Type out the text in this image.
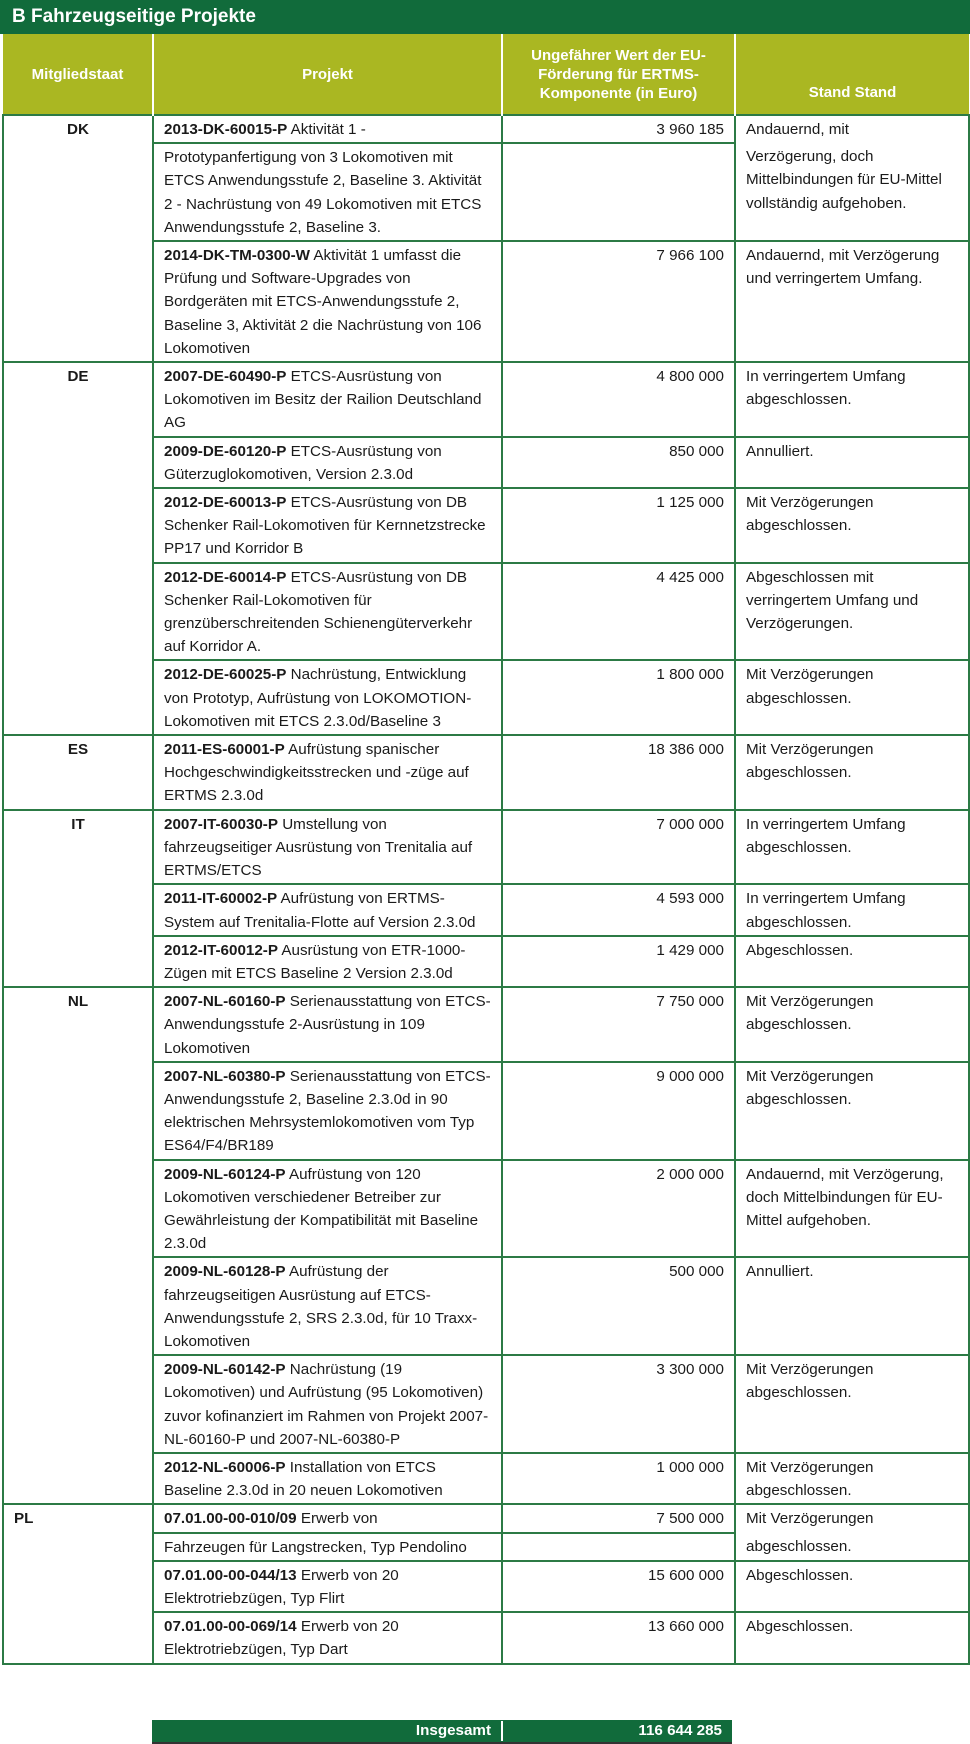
B Fahrzeugseitige Projekte
Mitgliedstaat	Projekt	Ungefährer Wert der EU-Förderung für ERTMS-Komponente (in Euro)	Stand Stand
DK	2013-DK-60015-P Aktivität 1 -	3 960 185	Andauernd, mit
	Prototypanfertigung von 3 Lokomotiven mit ETCS Anwendungsstufe 2, Baseline 3. Aktivität 2 - Nachrüstung von 49 Lokomotiven mit ETCS Anwendungsstufe 2, Baseline 3.		Verzögerung, doch Mittelbindungen für EU-Mittel vollständig aufgehoben.
	2014-DK-TM-0300-W Aktivität 1 umfasst die Prüfung und Software-Upgrades von Bordgeräten mit ETCS-Anwendungsstufe 2, Baseline 3, Aktivität 2 die Nachrüstung von 106 Lokomotiven	7 966 100	Andauernd, mit Verzögerung und verringertem Umfang.
DE	2007-DE-60490-P ETCS-Ausrüstung von Lokomotiven im Besitz der Railion Deutschland AG	4 800 000	In verringertem Umfang abgeschlossen.
	2009-DE-60120-P ETCS-Ausrüstung von Güterzuglokomotiven, Version 2.3.0d	850 000	Annulliert.
	2012-DE-60013-P ETCS-Ausrüstung von DB Schenker Rail-Lokomotiven für Kernnetzstrecke PP17 und Korridor B	1 125 000	Mit Verzögerungen abgeschlossen.
	2012-DE-60014-P ETCS-Ausrüstung von DB Schenker Rail-Lokomotiven für grenzüberschreitenden Schienengüterverkehr auf Korridor A.	4 425 000	Abgeschlossen mit verringertem Umfang und Verzögerungen.
	2012-DE-60025-P Nachrüstung, Entwicklung von Prototyp, Aufrüstung von LOKOMOTION-Lokomotiven mit ETCS 2.3.0d/Baseline 3	1 800 000	Mit Verzögerungen abgeschlossen.
ES	2011-ES-60001-P Aufrüstung spanischer Hochgeschwindigkeitsstrecken und -züge auf ERTMS 2.3.0d	18 386 000	Mit Verzögerungen abgeschlossen.
IT	2007-IT-60030-P Umstellung von fahrzeugseitiger Ausrüstung von Trenitalia auf ERTMS/ETCS	7 000 000	In verringertem Umfang abgeschlossen.
	2011-IT-60002-P Aufrüstung von ERTMS-System auf Trenitalia-Flotte auf Version 2.3.0d	4 593 000	In verringertem Umfang abgeschlossen.
	2012-IT-60012-P Ausrüstung von ETR-1000-Zügen mit ETCS Baseline 2 Version 2.3.0d	1 429 000	Abgeschlossen.
NL	2007-NL-60160-P Serienausstattung von ETCS-Anwendungsstufe 2-Ausrüstung in 109 Lokomotiven	7 750 000	Mit Verzögerungen abgeschlossen.
	2007-NL-60380-P Serienausstattung von ETCS-Anwendungsstufe 2, Baseline 2.3.0d in 90 elektrischen Mehrsystemlokomotiven vom Typ ES64/F4/BR189	9 000 000	Mit Verzögerungen abgeschlossen.
	2009-NL-60124-P Aufrüstung von 120 Lokomotiven verschiedener Betreiber zur Gewährleistung der Kompatibilität mit Baseline 2.3.0d	2 000 000	Andauernd, mit Verzögerung, doch Mittelbindungen für EU-Mittel aufgehoben.
	2009-NL-60128-P Aufrüstung der fahrzeugseitigen Ausrüstung auf ETCS-Anwendungsstufe 2, SRS 2.3.0d, für 10 Traxx-Lokomotiven	500 000	Annulliert.
	2009-NL-60142-P Nachrüstung (19 Lokomotiven) und Aufrüstung (95 Lokomotiven) zuvor kofinanziert im Rahmen von Projekt 2007-NL-60160-P und 2007-NL-60380-P	3 300 000	Mit Verzögerungen abgeschlossen.
	2012-NL-60006-P Installation von ETCS Baseline 2.3.0d in 20 neuen Lokomotiven	1 000 000	Mit Verzögerungen abgeschlossen.
PL	07.01.00-00-010/09 Erwerb von	7 500 000	Mit Verzögerungen
	Fahrzeugen für Langstrecken, Typ Pendolino		abgeschlossen.
	07.01.00-00-044/13 Erwerb von 20 Elektrotriebzügen, Typ Flirt	15 600 000	Abgeschlossen.
	07.01.00-00-069/14 Erwerb von 20 Elektrotriebzügen, Typ Dart	13 660 000	Abgeschlossen.
Insgesamt	116 644 285
